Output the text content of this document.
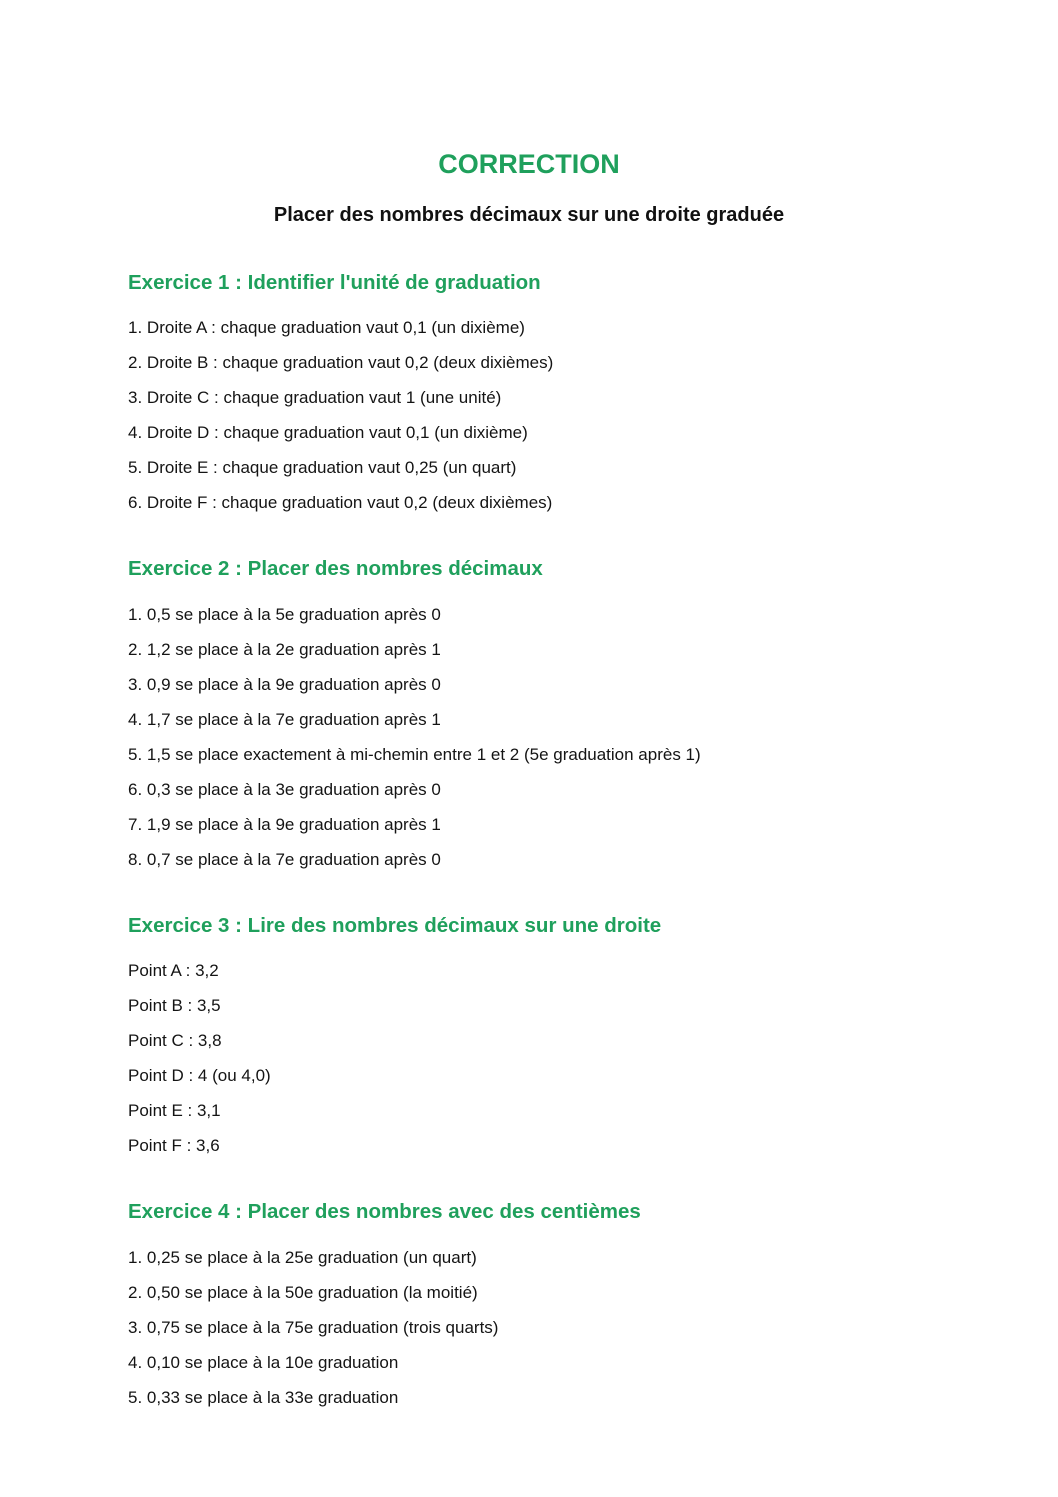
CORRECTION
Placer des nombres décimaux sur une droite graduée
Exercice 1 : Identifier l'unité de graduation
Droite A : chaque graduation vaut 0,1 (un dixième)
Droite B : chaque graduation vaut 0,2 (deux dixièmes)
Droite C : chaque graduation vaut 1 (une unité)
Droite D : chaque graduation vaut 0,1 (un dixième)
Droite E : chaque graduation vaut 0,25 (un quart)
Droite F : chaque graduation vaut 0,2 (deux dixièmes)
Exercice 2 : Placer des nombres décimaux
0,5 se place à la 5e graduation après 0
1,2 se place à la 2e graduation après 1
0,9 se place à la 9e graduation après 0
1,7 se place à la 7e graduation après 1
1,5 se place exactement à mi-chemin entre 1 et 2 (5e graduation après 1)
0,3 se place à la 3e graduation après 0
1,9 se place à la 9e graduation après 1
0,7 se place à la 7e graduation après 0
Exercice 3 : Lire des nombres décimaux sur une droite

Point A : 3,2

Point B : 3,5

Point C : 3,8

Point D : 4 (ou 4,0)

Point E : 3,1

Point F : 3,6

Exercice 4 : Placer des nombres avec des centièmes
0,25 se place à la 25e graduation (un quart)
0,50 se place à la 50e graduation (la moitié)
0,75 se place à la 75e graduation (trois quarts)
0,10 se place à la 10e graduation
0,33 se place à la 33e graduation
